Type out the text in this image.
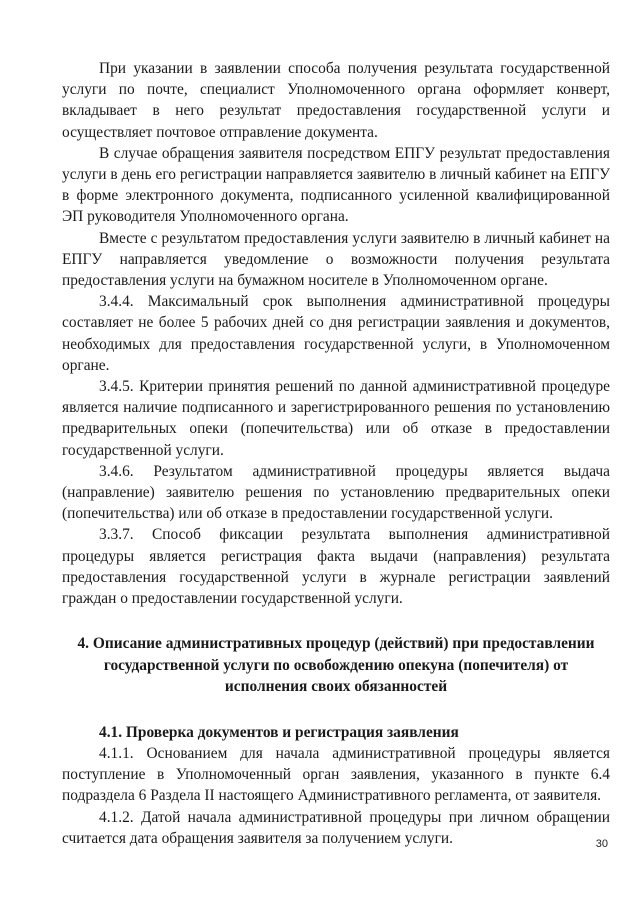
При указании в заявлении способа получения результата государственной услуги по почте, специалист Уполномоченного органа оформляет конверт, вкладывает в него результат предоставления государственной услуги и осуществляет почтовое отправление документа.

В случае обращения заявителя посредством ЕПГУ результат предоставления услуги в день его регистрации направляется заявителю в личный кабинет на ЕПГУ в форме электронного документа, подписанного усиленной квалифицированной ЭП руководителя Уполномоченного органа.

Вместе с результатом предоставления услуги заявителю в личный кабинет на ЕПГУ направляется уведомление о возможности получения результата предоставления услуги на бумажном носителе в Уполномоченном органе.

3.4.4. Максимальный срок выполнения административной процедуры составляет не более 5 рабочих дней со дня регистрации заявления и документов, необходимых для предоставления государственной услуги, в Уполномоченном органе.

3.4.5. Критерии принятия решений по данной административной процедуре является наличие подписанного и зарегистрированного решения по установлению предварительных опеки (попечительства) или об отказе в предоставлении государственной услуги.

3.4.6. Результатом административной процедуры является выдача (направление) заявителю решения по установлению предварительных опеки (попечительства) или об отказе в предоставлении государственной услуги.

3.3.7. Способ фиксации результата выполнения административной процедуры является регистрация факта выдачи (направления) результата предоставления государственной услуги в журнале регистрации заявлений граждан о предоставлении государственной услуги.

4. Описание административных процедур (действий) при предоставлении государственной услуги по освобождению опекуна (попечителя) от исполнения своих обязанностей

4.1. Проверка документов и регистрация заявления

4.1.1. Основанием для начала административной процедуры является поступление в Уполномоченный орган заявления, указанного в пункте 6.4 подраздела 6 Раздела II настоящего Административного регламента, от заявителя.

4.1.2. Датой начала административной процедуры при личном обращении считается дата обращения заявителя за получением услуги.	30
